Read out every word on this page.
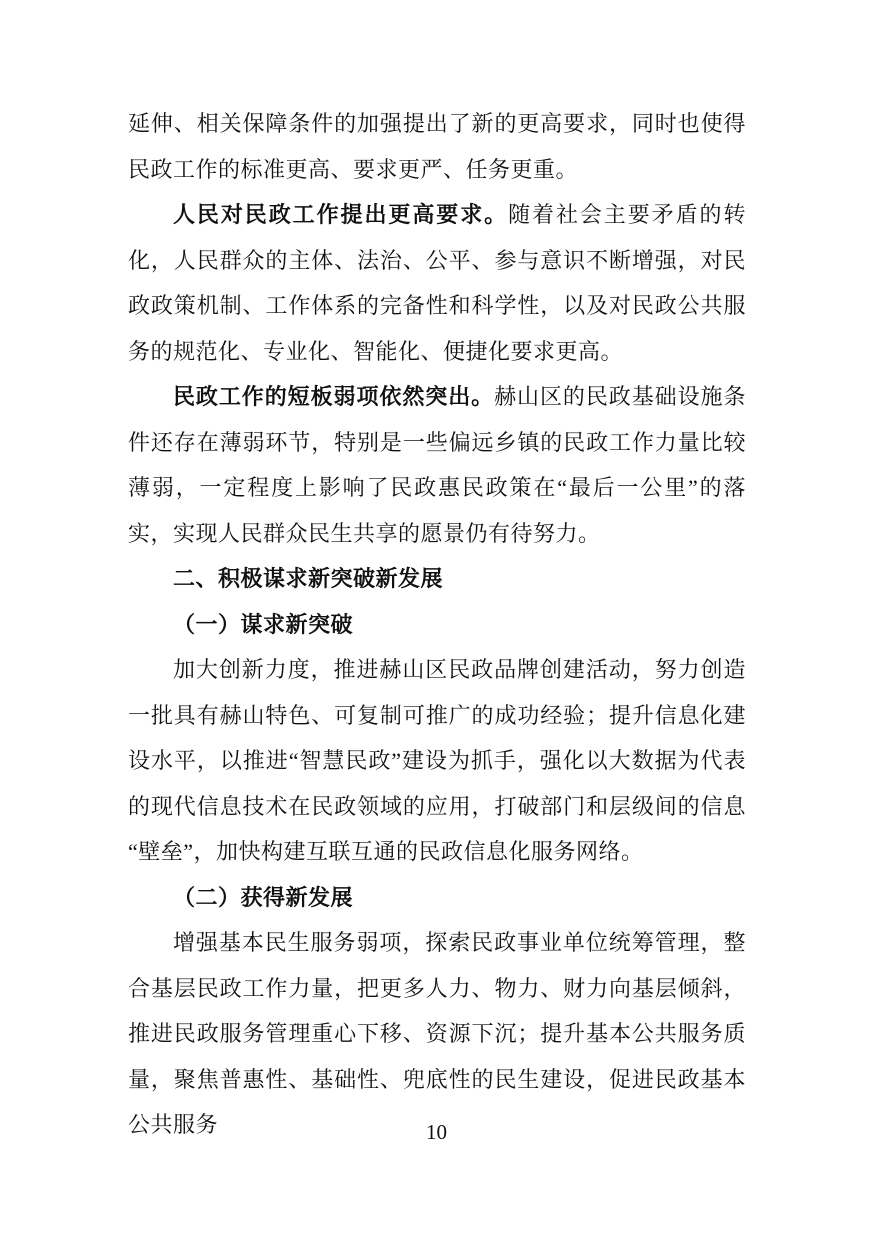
延伸、相关保障条件的加强提出了新的更高要求，同时也使得民政工作的标准更高、要求更严、任务更重。

人民对民政工作提出更高要求。随着社会主要矛盾的转化，人民群众的主体、法治、公平、参与意识不断增强，对民政政策机制、工作体系的完备性和科学性，以及对民政公共服务的规范化、专业化、智能化、便捷化要求更高。

民政工作的短板弱项依然突出。赫山区的民政基础设施条件还存在薄弱环节，特别是一些偏远乡镇的民政工作力量比较薄弱，一定程度上影响了民政惠民政策在“最后一公里”的落实，实现人民群众民生共享的愿景仍有待努力。

二、积极谋求新突破新发展

（一）谋求新突破

加大创新力度，推进赫山区民政品牌创建活动，努力创造一批具有赫山特色、可复制可推广的成功经验；提升信息化建设水平，以推进“智慧民政”建设为抓手，强化以大数据为代表的现代信息技术在民政领域的应用，打破部门和层级间的信息“壁垒”，加快构建互联互通的民政信息化服务网络。

（二）获得新发展

增强基本民生服务弱项，探索民政事业单位统筹管理，整合基层民政工作力量，把更多人力、物力、财力向基层倾斜，推进民政服务管理重心下移、资源下沉；提升基本公共服务质量，聚焦普惠性、基础性、兜底性的民生建设，促进民政基本公共服务	10
